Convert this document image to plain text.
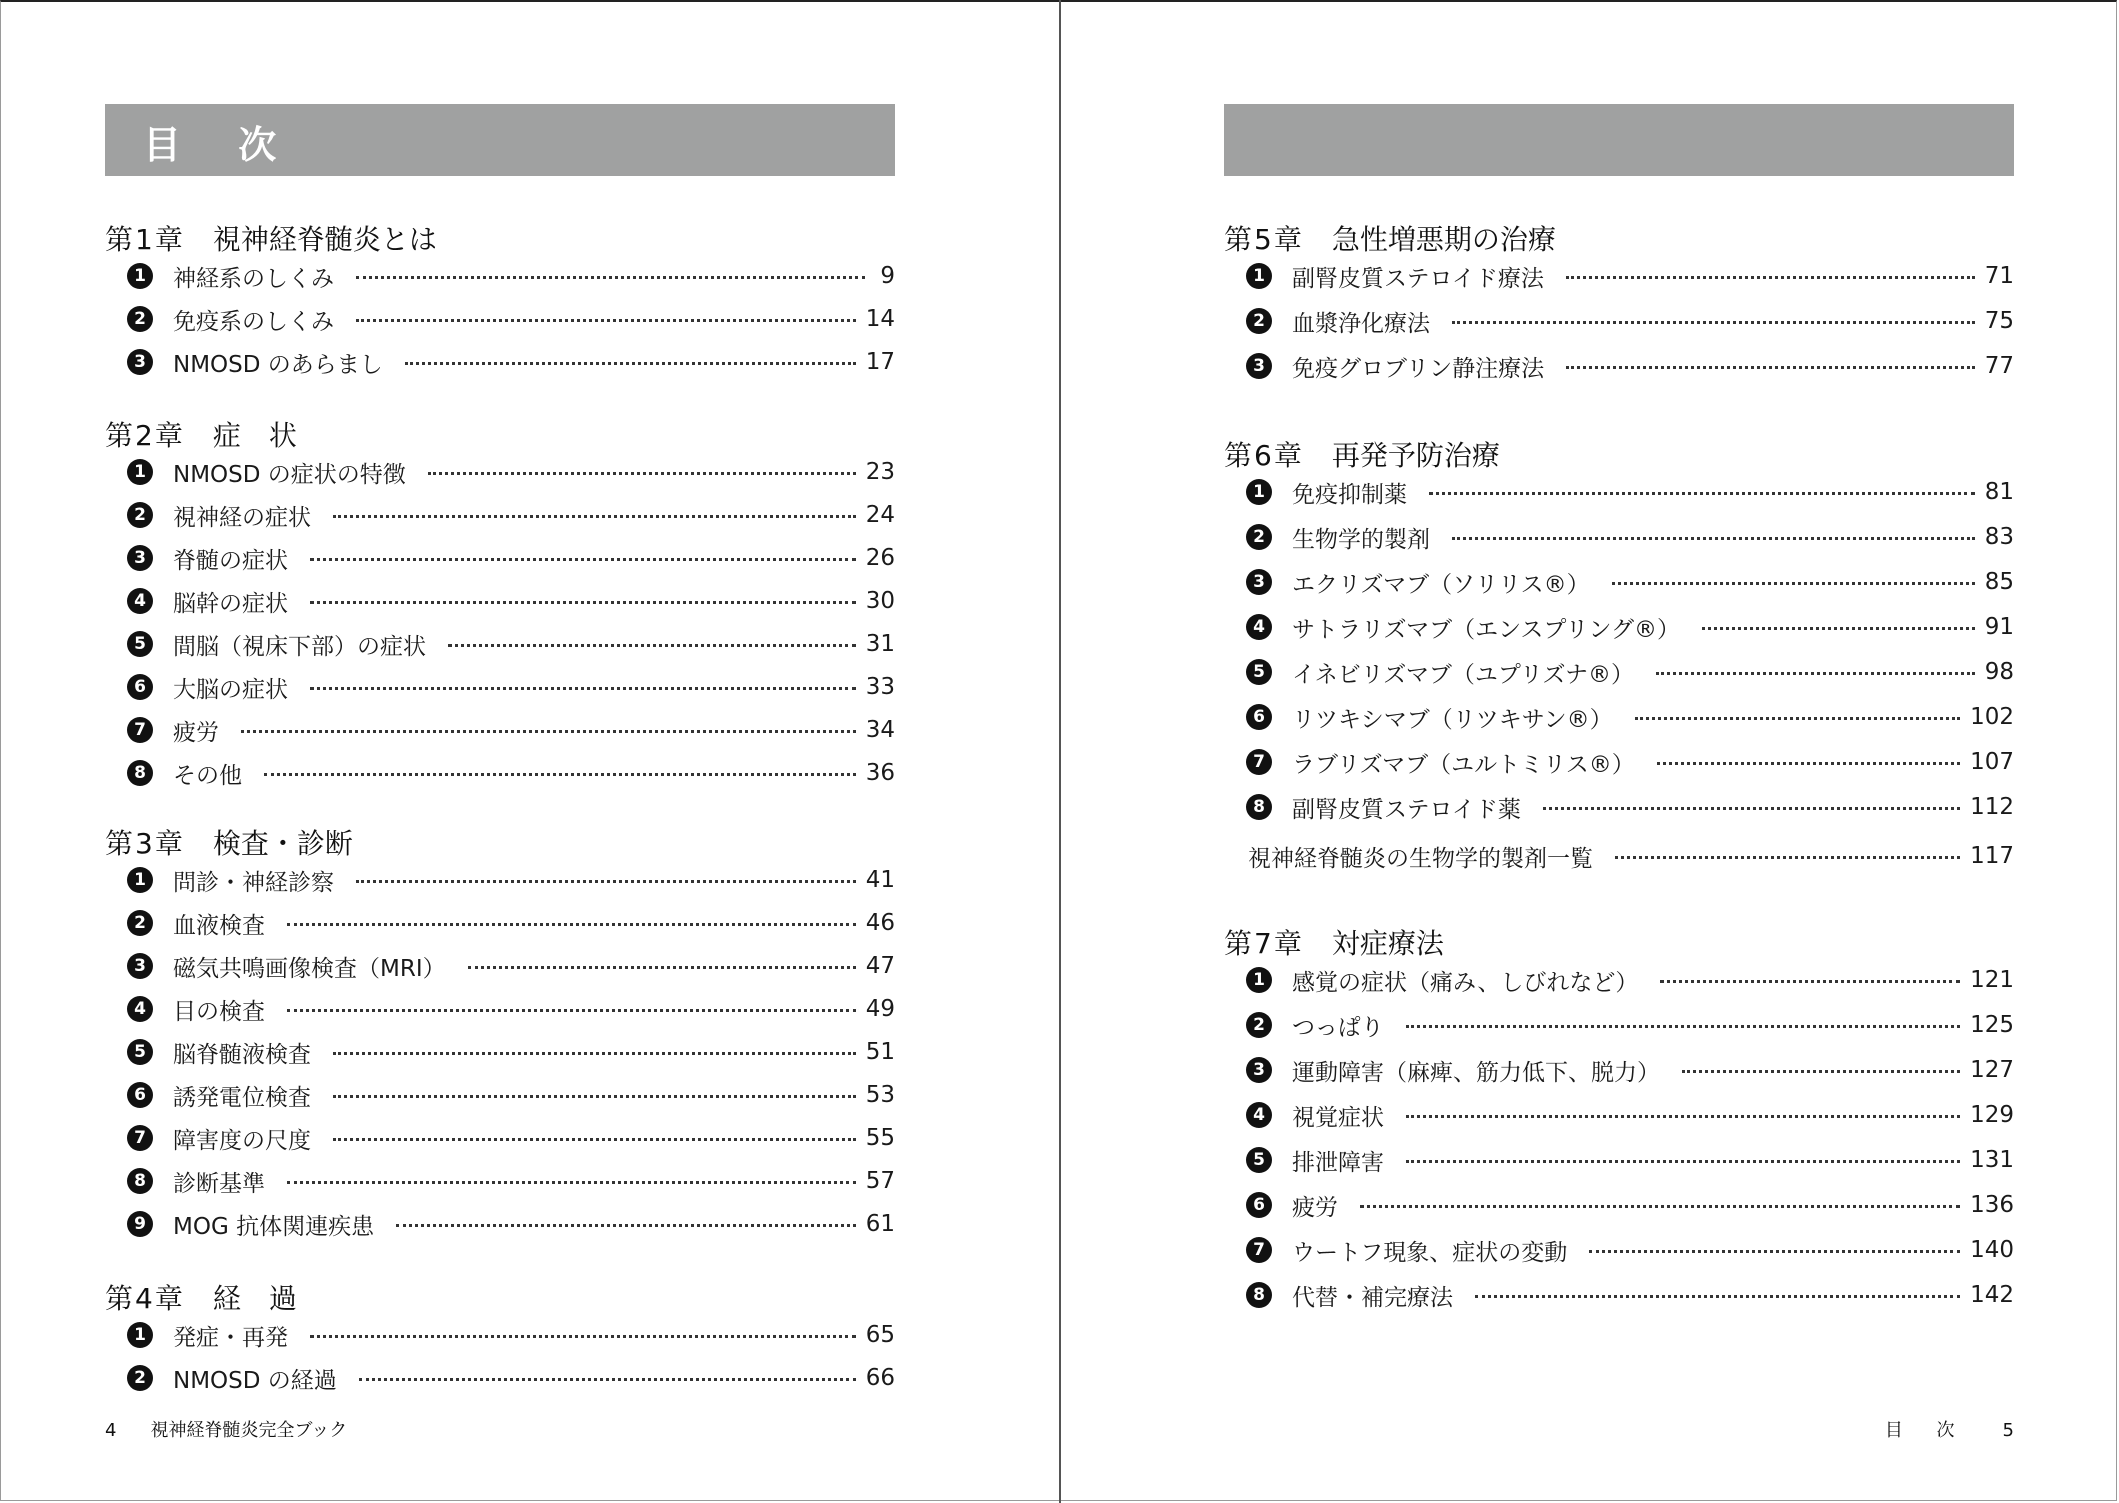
目 次
第1章 視神経脊髄炎とは
1	神経系のしくみ	9
2	免疫系のしくみ	14
3	NMOSD のあらまし	17
第2章 症　状
1	NMOSD の症状の特徴	23
2	視神経の症状	24
3	脊髄の症状	26
4	脳幹の症状	30
5	間脳（視床下部）の症状	31
6	大脳の症状	33
7	疲労	34
8	その他	36
第3章 検査・診断
1	問診・神経診察	41
2	血液検査	46
3	磁気共鳴画像検査（MRI）	47
4	目の検査	49
5	脳脊髄液検査	51
6	誘発電位検査	53
7	障害度の尺度	55
8	診断基準	57
9	MOG 抗体関連疾患	61
第4章 経　過
1	発症・再発	65
2	NMOSD の経過	66
4 視神経脊髄炎完全ブック
第5章 急性増悪期の治療
1	副腎皮質ステロイド療法	71
2	血漿浄化療法	75
3	免疫グロブリン静注療法	77
第6章 再発予防治療
1	免疫抑制薬	81
2	生物学的製剤	83
3	エクリズマブ（ソリリス®）	85
4	サトラリズマブ（エンスプリング®）	91
5	イネビリズマブ（ユプリズナ®）	98
6	リツキシマブ（リツキサン®）	102
7	ラブリズマブ（ユルトミリス®）	107
8	副腎皮質ステロイド薬	112
視神経脊髄炎の生物学的製剤一覧	117
第7章 対症療法
1	感覚の症状（痛み、しびれなど）	121
2	つっぱり	125
3	運動障害（麻痺、筋力低下、脱力）	127
4	視覚症状	129
5	排泄障害	131
6	疲労	136
7	ウートフ現象、症状の変動	140
8	代替・補完療法	142
目 次 5
